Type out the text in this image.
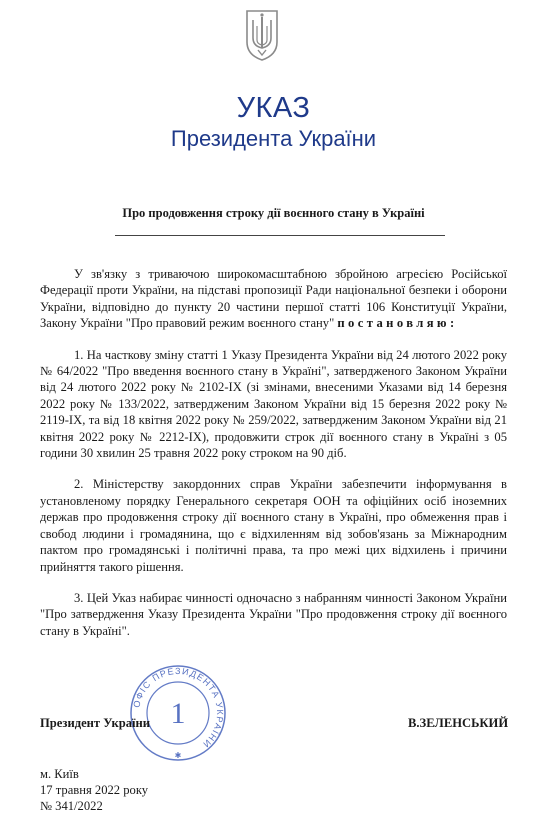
УКАЗ
Президента України
Про продовження строку дії воєнного стану в Україні

У зв'язку з триваючою широкомасштабною збройною агресією Російської Федерації проти України, на підставі пропозиції Ради національної безпеки і оборони України, відповідно до пункту 20 частини першої статті 106 Конституції України, Закону України "Про правовий режим воєнного стану" постановляю:

1. На часткову зміну статті 1 Указу Президента України від 24 лютого 2022 року № 64/2022 "Про введення воєнного стану в Україні", затвердженого Законом України від 24 лютого 2022 року № 2102-IX (зі змінами, внесеними Указами від 14 березня 2022 року № 133/2022, затвердженим Законом України від 15 березня 2022 року № 2119-IX, та від 18 квітня 2022 року № 259/2022, затвердженим Законом України від 21 квітня 2022 року № 2212-IX), продовжити строк дії воєнного стану в Україні з 05 години 30 хвилин 25 травня 2022 року строком на 90 діб.

2. Міністерству закордонних справ України забезпечити інформування в установленому порядку Генерального секретаря ООН та офіційних осіб іноземних держав про продовження строку дії воєнного стану в Україні, про обмеження прав і свобод людини і громадянина, що є відхиленням від зобов'язань за Міжнародним пактом про громадянські і політичні права, та про межі цих відхилень і причини прийняття такого рішення.

3. Цей Указ набирає чинності одночасно з набранням чинності Законом України "Про затвердження Указу Президента України "Про продовження строку дії воєнного стану в Україні".

ОФІС ПРЕЗИДЕНТА УКРАЇНИ
1
✱
Президент України	В.ЗЕЛЕНСЬКИЙ
м. Київ
17 травня 2022 року
№ 341/2022
